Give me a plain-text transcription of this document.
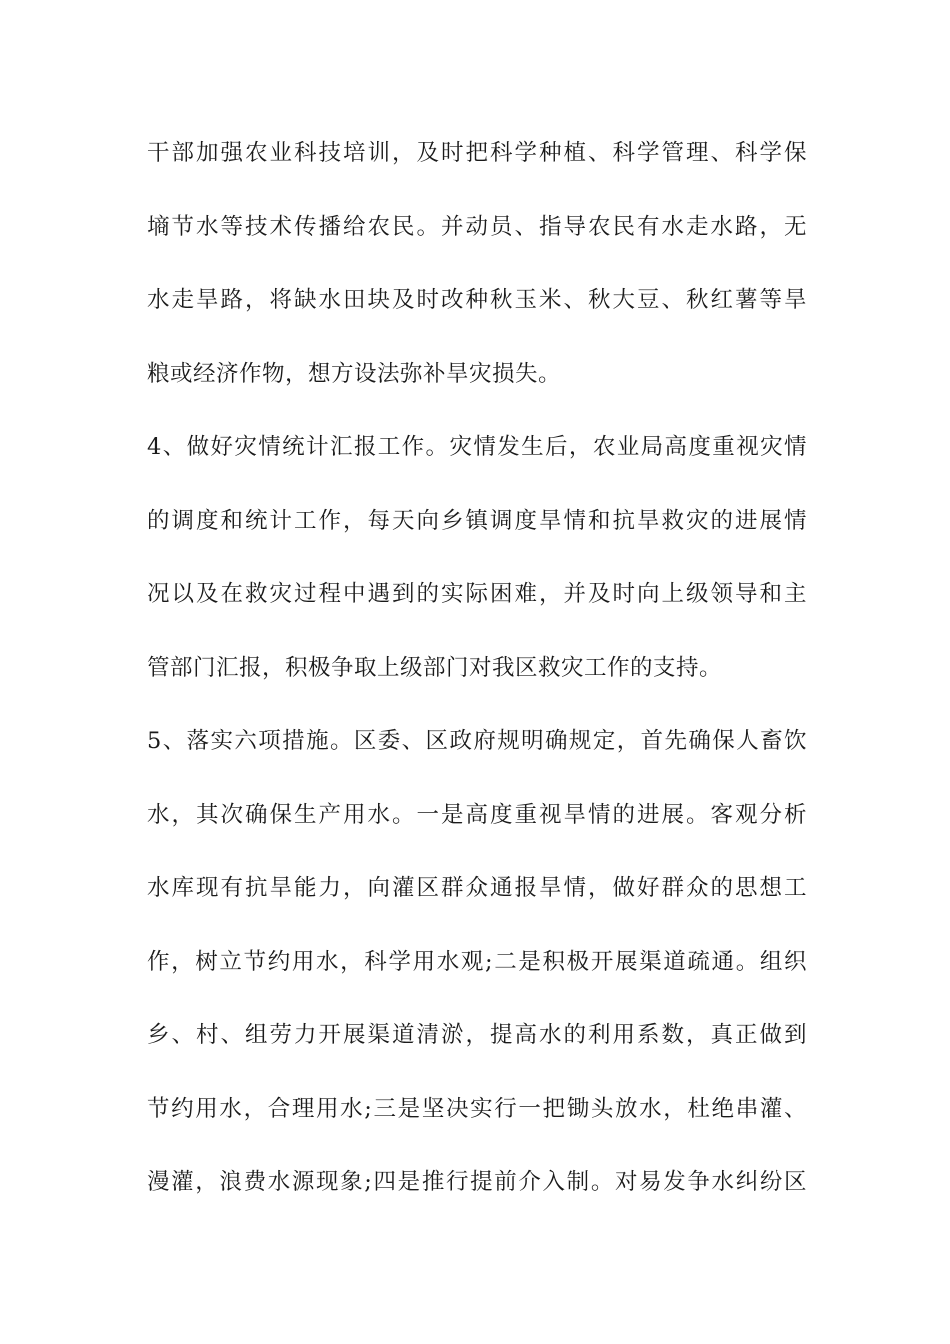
干部加强农业科技培训，及时把科学种植、科学管理、科学保
墒节水等技术传播给农民。并动员、指导农民有水走水路，无
水走旱路，将缺水田块及时改种秋玉米、秋大豆、秋红薯等旱
粮或经济作物，想方设法弥补旱灾损失。
4、做好灾情统计汇报工作。灾情发生后，农业局高度重视灾情
的调度和统计工作，每天向乡镇调度旱情和抗旱救灾的进展情
况以及在救灾过程中遇到的实际困难，并及时向上级领导和主
管部门汇报，积极争取上级部门对我区救灾工作的支持。
5、落实六项措施。区委、区政府规明确规定，首先确保人畜饮
水，其次确保生产用水。一是高度重视旱情的进展。客观分析
水库现有抗旱能力，向灌区群众通报旱情，做好群众的思想工
作，树立节约用水，科学用水观;二是积极开展渠道疏通。组织
乡、村、组劳力开展渠道清淤，提高水的利用系数，真正做到
节约用水，合理用水;三是坚决实行一把锄头放水，杜绝串灌、
漫灌，浪费水源现象;四是推行提前介入制。对易发争水纠纷区
